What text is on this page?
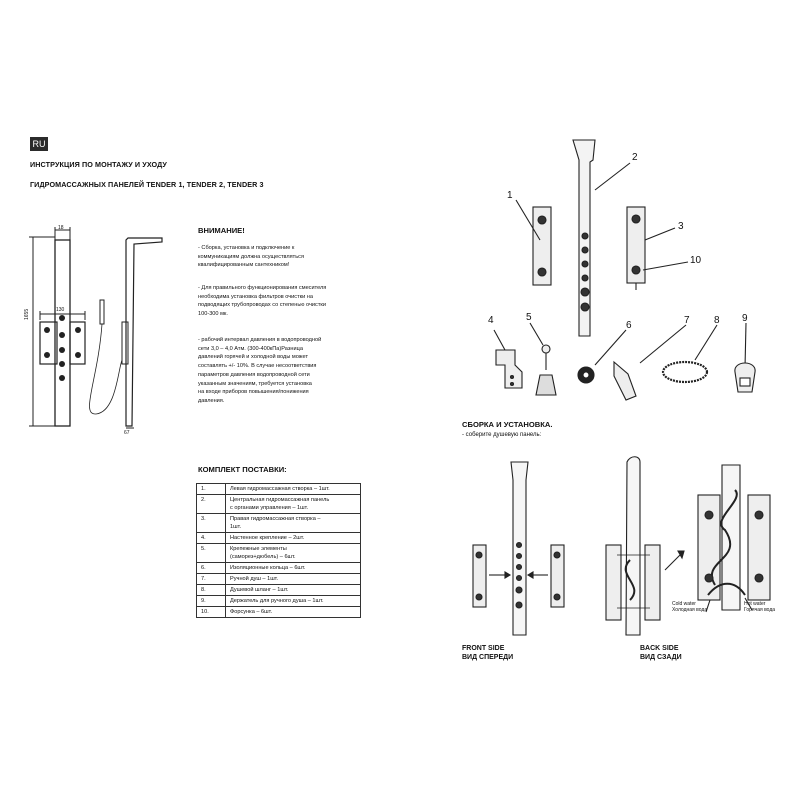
RU
ИНСТРУКЦИЯ ПО МОНТАЖУ И УХОДУ
ГИДРОМАССАЖНЫХ ПАНЕЛЕЙ TENDER 1, TENDER 2, TENDER 3
18
1655	130
67
ВНИМАНИЕ!
- Сборка, установка и подключение к
коммуникациям должна осуществляться
квалифицированным сантехником!
- Для правильного функционирования смесителя
необходима установка фильтров очистки на
подводящих трубопроводах со степенью очистки
100-300 мк.
- рабочий интервал давления в водопроводной
сети 3,0 – 4,0 Атм. (300-400кПа)Разница
давлений горячей и холодной воды может
составлять +/- 10%. В случае несоответствия
параметров давления водопроводной сети
указанным значениям, требуется установка
на входе приборов повышения/понижения
давления.
КОМПЛЕКТ ПОСТАВКИ:
1.	Левая гидромассажная створка – 1шт.

2.	Центральная гидромассажная панель
с органами управления – 1шт.

3.	Правая гидромассажная створка –
1шт.

4.	Настенное крепление – 2шт.

5.	Крепежные элементы
(саморез+дюбель) – 6шт.

6.	Изоляционные кольца – 6шт.

7.	Ручной душ – 1шт.

8.	Душевой шланг – 1шт.

9.	Держатель для ручного душа – 1шт.

10.	Форсунка – 6шт.
1
2
3
10
4	5
6	7 8 9
СБОРКА И УСТАНОВКА.
- соберите душевую панель:
Cold water
Холодная вода
Hot water
Горячая вода
FRONT SIDE
ВИД СПЕРЕДИ
BACK SIDE
ВИД СЗАДИ
